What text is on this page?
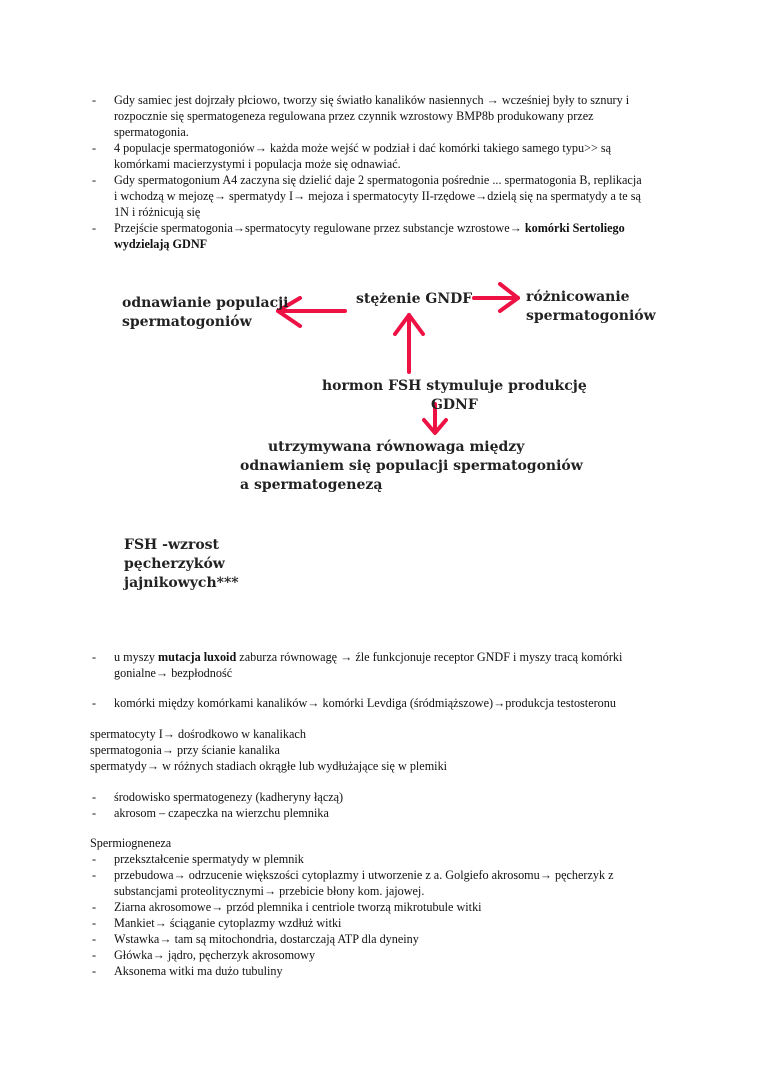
- Gdy samiec jest dojrzały płciowo, tworzy się światło kanalików nasiennych → wcześniej były to sznury i
rozpocznie się spermatogeneza regulowana przez czynnik wzrostowy BMP8b produkowany przez
spermatogonia.
- 4 populacje spermatogoniów→ każda może wejść w podział i dać komórki takiego samego typu>> są
komórkami macierzystymi i populacja może się odnawiać.
- Gdy spermatogonium A4 zaczyna się dzielić daje 2 spermatogonia pośrednie ... spermatogonia B, replikacja
i wchodzą w mejozę→ spermatydy I→ mejoza i spermatocyty II-rzędowe→dzielą się na spermatydy a te są
1N i różnicują się
- Przejście spermatogonia→spermatocyty regulowane przez substancje wzrostowe→ komórki Sertoliego
wydzielają GDNF
stężenie GNDF
odnawianie populacji
spermatogoniów
różnicowanie
spermatogoniów
hormon FSH stymuluje produkcję
GDNF
utrzymywana równowaga między
odnawianiem się populacji spermatogoniów
a spermatogenezą
FSH -wzrost
pęcherzyków
jajnikowych***
- u myszy mutacja luxoid zaburza równowagę → źle funkcjonuje receptor GNDF i myszy tracą komórki
gonialne→ bezpłodność
- komórki między komórkami kanalików→ komórki Levdiga (śródmiąższowe)→produkcja testosteronu
spermatocyty I→ dośrodkowo w kanalikach
spermatogonia→ przy ścianie kanalika
spermatydy→ w różnych stadiach okrągłe lub wydłużające się w plemiki
- środowisko spermatogenezy (kadheryny łączą)
- akrosom – czapeczka na wierzchu plemnika
Spermiogneneza
- przekształcenie spermatydy w plemnik
- przebudowa→ odrzucenie większości cytoplazmy i utworzenie z a. Golgiefo akrosomu→ pęcherzyk z
substancjami proteolitycznymi→ przebicie błony kom. jajowej.
- Ziarna akrosomowe→ przód plemnika i centriole tworzą mikrotubule witki
- Mankiet→ ściąganie cytoplazmy wzdłuż witki
- Wstawka→ tam są mitochondria, dostarczają ATP dla dyneiny
- Główka→ jądro, pęcherzyk akrosomowy
- Aksonema witki ma dużo tubuliny
